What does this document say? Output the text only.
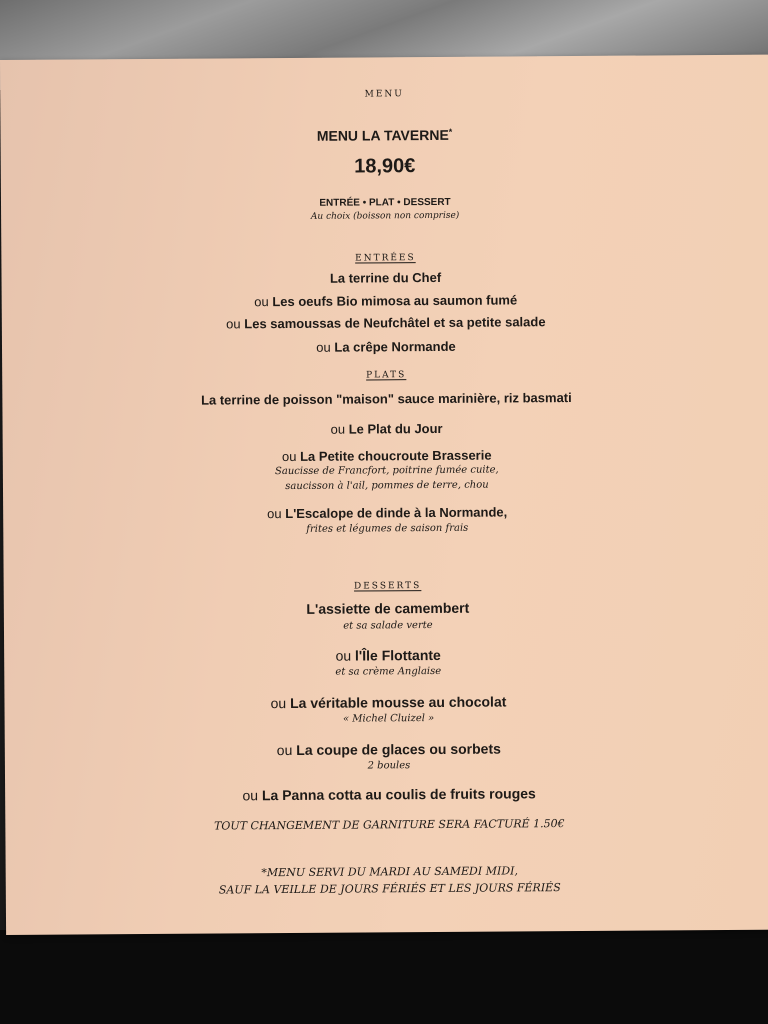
MENU
MENU LA TAVERNE*
18,90€
ENTRÉE • PLAT • DESSERT
Au choix (boisson non comprise)
ENTRÉES
La terrine du Chef
ou Les oeufs Bio mimosa au saumon fumé
ou Les samoussas de Neufchâtel et sa petite salade
ou La crêpe Normande
PLATS
La terrine de poisson "maison" sauce marinière, riz basmati
ou Le Plat du Jour
ou La Petite choucroute Brasserie
Saucisse de Francfort, poitrine fumée cuite,
saucisson à l'ail, pommes de terre, chou
ou L'Escalope de dinde à la Normande,
frites et légumes de saison frais
DESSERTS
L'assiette de camembert
et sa salade verte
ou l'Île Flottante
et sa crème Anglaise
ou La véritable mousse au chocolat
« Michel Cluizel »
ou La coupe de glaces ou sorbets
2 boules
ou La Panna cotta au coulis de fruits rouges
TOUT CHANGEMENT DE GARNITURE SERA FACTURÉ 1.50€
*MENU SERVI DU MARDI AU SAMEDI MIDI,
SAUF LA VEILLE DE JOURS FÉRIÉS ET LES JOURS FÉRIÉS
